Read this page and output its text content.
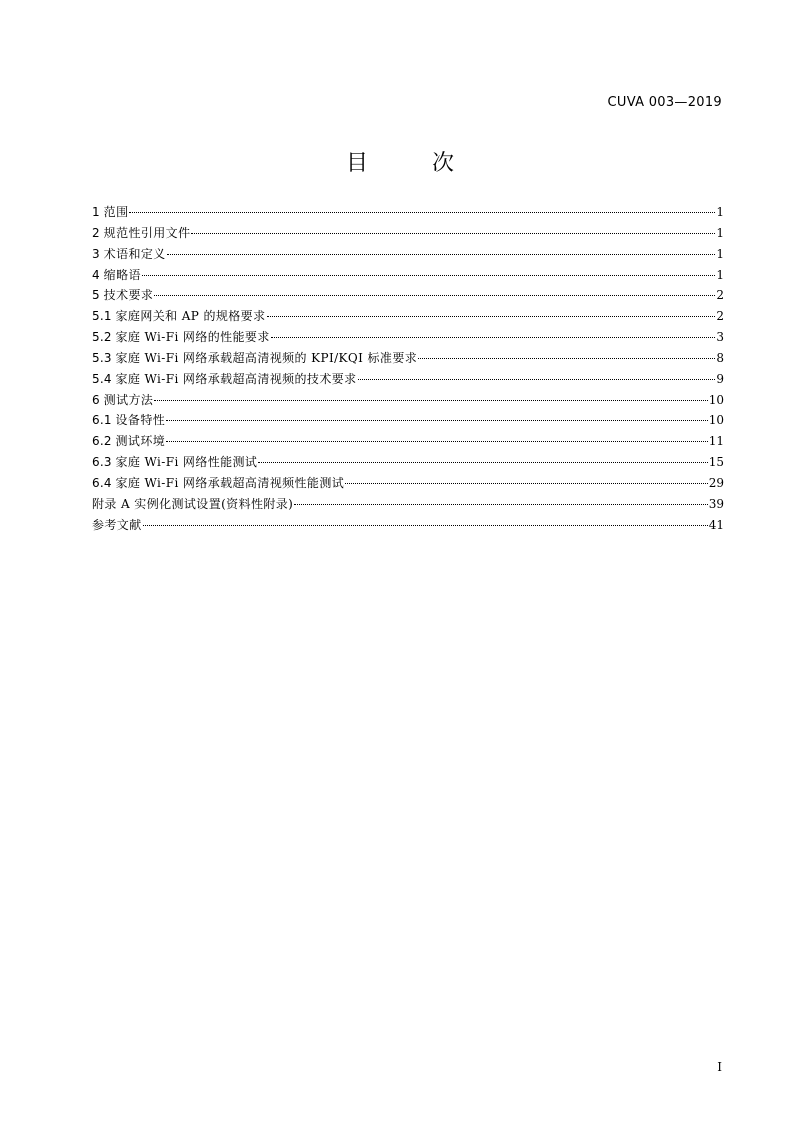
CUVA 003—2019
目	次
1 范围	1
2 规范性引用文件	1
3 术语和定义	1
4 缩略语	1
5 技术要求	2
5.1 家庭网关和 AP 的规格要求	2
5.2 家庭 Wi-Fi 网络的性能要求	3
5.3 家庭 Wi-Fi 网络承载超高清视频的 KPI/KQI 标准要求	8
5.4 家庭 Wi-Fi 网络承载超高清视频的技术要求	9
6 测试方法	10
6.1 设备特性	10
6.2 测试环境	11
6.3 家庭 Wi-Fi 网络性能测试	15
6.4 家庭 Wi-Fi 网络承载超高清视频性能测试	29
附录 A 实例化测试设置(资料性附录)	39
参考文献	41
I
